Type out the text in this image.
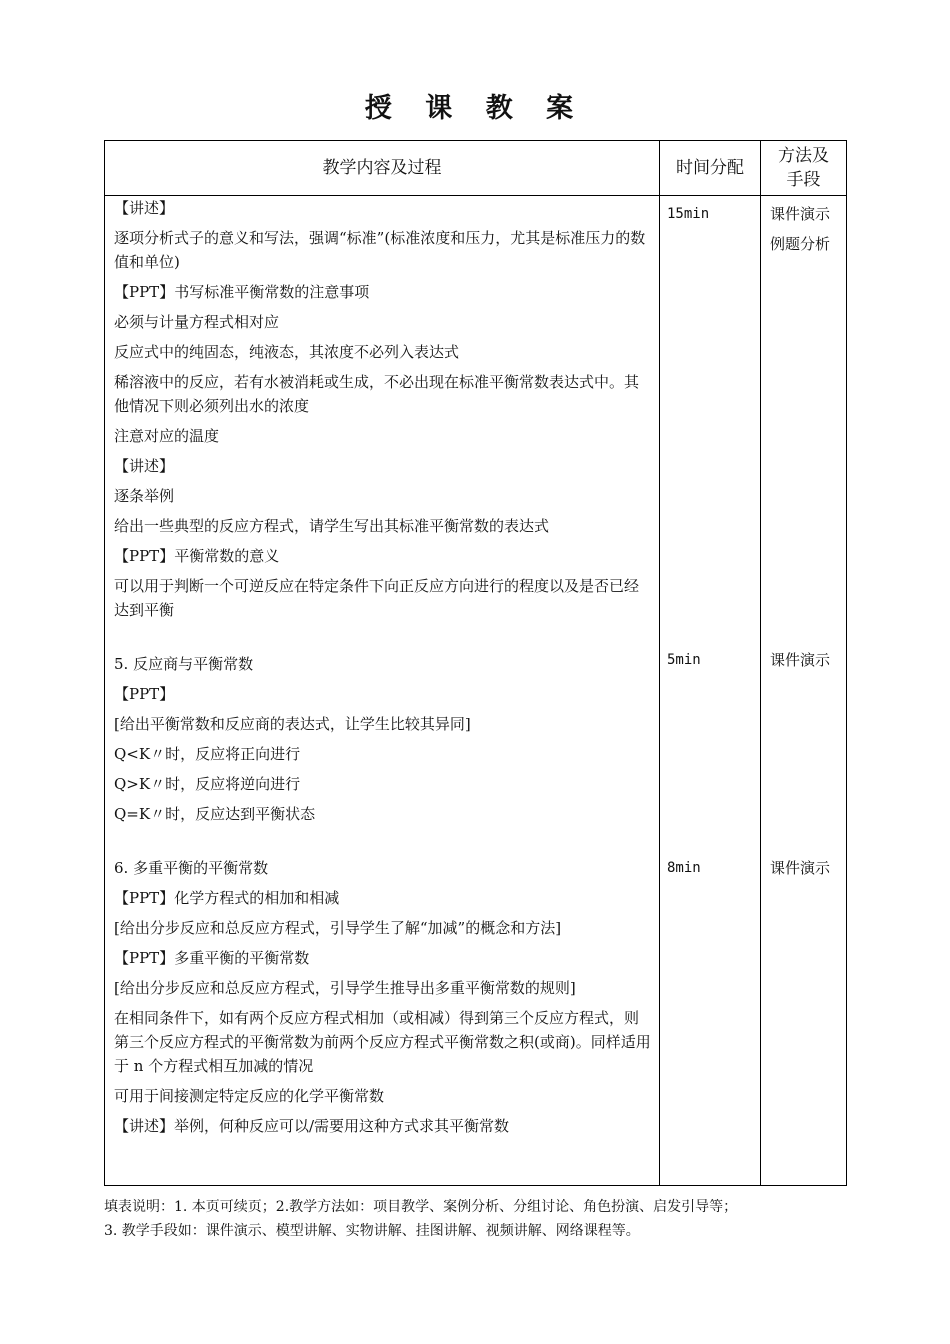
授 课 教 案
教学内容及过程	时间分配
方法及
手段
【讲述】
逐项分析式子的意义和写法，强调“标准”(标准浓度和压力，尤其是标准压力的数值和单位)
【PPT】书写标准平衡常数的注意事项
必须与计量方程式相对应
反应式中的纯固态，纯液态，其浓度不必列入表达式
稀溶液中的反应，若有水被消耗或生成，不必出现在标准平衡常数表达式中。其他情况下则必须列出水的浓度
注意对应的温度
【讲述】
逐条举例
给出一些典型的反应方程式，请学生写出其标准平衡常数的表达式
【PPT】平衡常数的意义
可以用于判断一个可逆反应在特定条件下向正反应方向进行的程度以及是否已经达到平衡
5. 反应商与平衡常数
【PPT】
[给出平衡常数和反应商的表达式，让学生比较其异同]
Q<K〃时，反应将正向进行
Q>K〃时，反应将逆向进行
Q=K〃时，反应达到平衡状态
6. 多重平衡的平衡常数
【PPT】化学方程式的相加和相减
[给出分步反应和总反应方程式，引导学生了解“加减”的概念和方法]
【PPT】多重平衡的平衡常数
[给出分步反应和总反应方程式，引导学生推导出多重平衡常数的规则]
在相同条件下，如有两个反应方程式相加（或相减）得到第三个反应方程式，则第三个反应方程式的平衡常数为前两个反应方程式平衡常数之积(或商)。同样适用于 n 个方程式相互加减的情况
可用于间接测定特定反应的化学平衡常数
【讲述】举例，何种反应可以/需要用这种方式求其平衡常数
15min
5min
8min
课件演示
例题分析
课件演示
课件演示
填表说明：1. 本页可续页；2.教学方法如：项目教学、案例分析、分组讨论、角色扮演、启发引导等；
3. 教学手段如：课件演示、模型讲解、实物讲解、挂图讲解、视频讲解、网络课程等。
